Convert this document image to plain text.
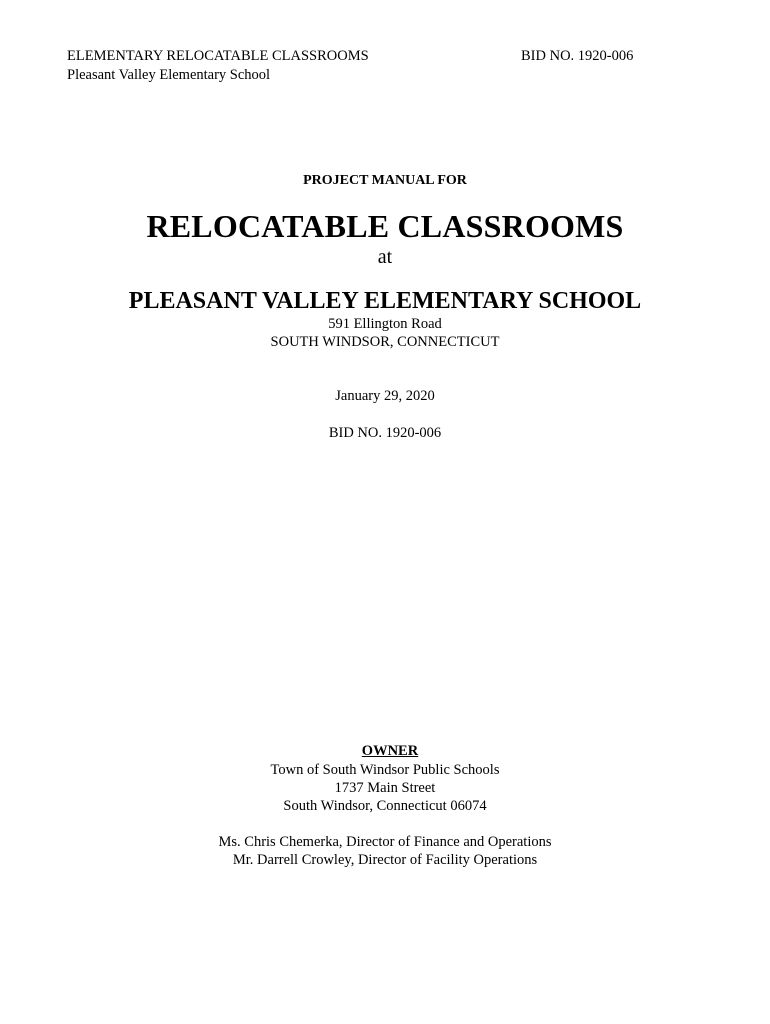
ELEMENTARY RELOCATABLE CLASSROOMS
Pleasant Valley Elementary School
BID NO. 1920-006
PROJECT MANUAL FOR
RELOCATABLE CLASSROOMS
at
PLEASANT VALLEY ELEMENTARY SCHOOL
591 Ellington Road
SOUTH WINDSOR, CONNECTICUT
January 29, 2020
BID NO. 1920-006
OWNER
Town of South Windsor Public Schools
1737 Main Street
South Windsor, Connecticut 06074
Ms. Chris Chemerka, Director of Finance and Operations
Mr. Darrell Crowley, Director of Facility Operations
